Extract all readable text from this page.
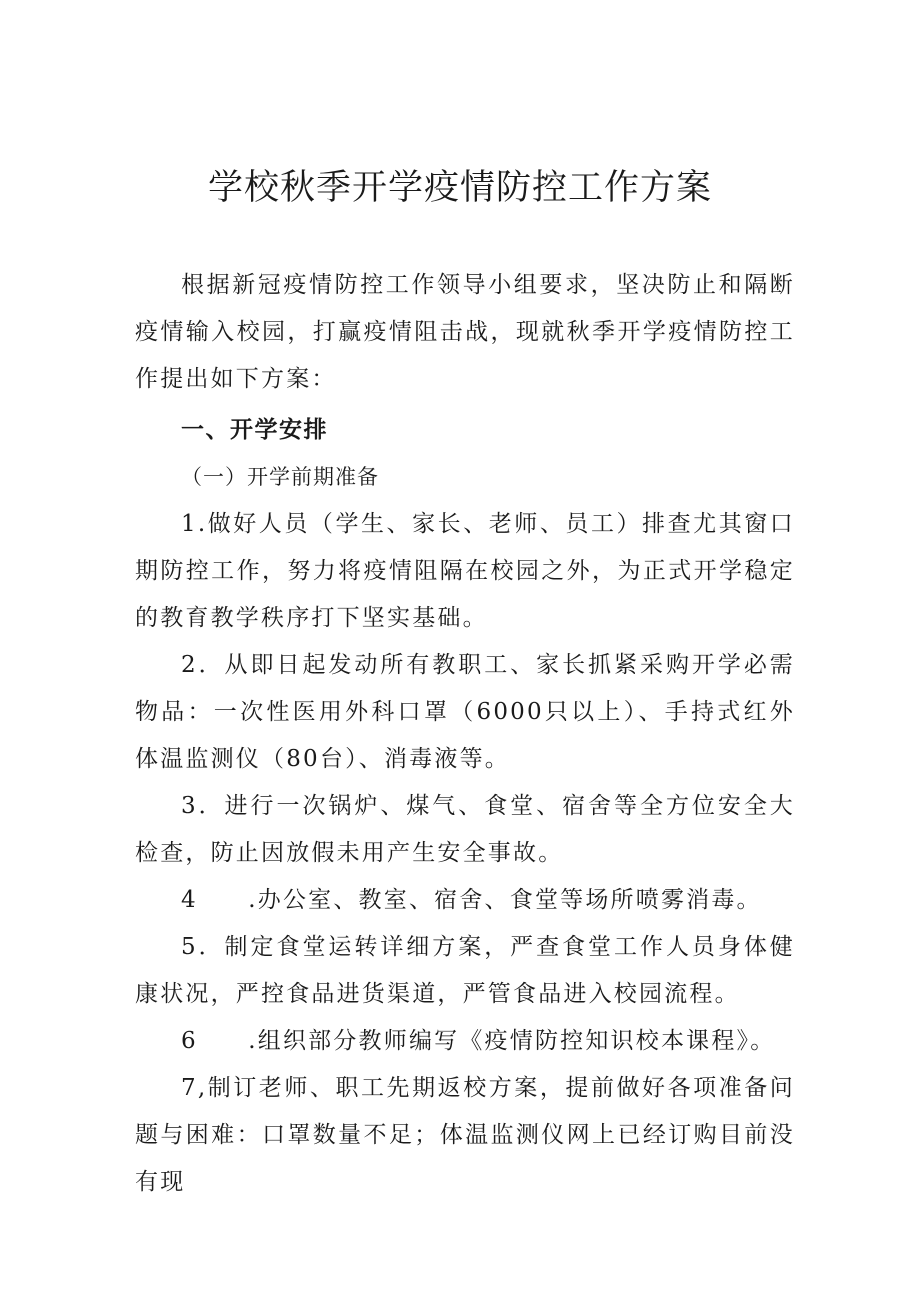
学校秋季开学疫情防控工作方案

根据新冠疫情防控工作领导小组要求，坚决防止和隔断疫情输入校园，打赢疫情阻击战，现就秋季开学疫情防控工作提出如下方案：

一、开学安排

（一）开学前期准备

1.做好人员（学生、家长、老师、员工）排查尤其窗口期防控工作，努力将疫情阻隔在校园之外，为正式开学稳定的教育教学秩序打下坚实基础。

2．从即日起发动所有教职工、家长抓紧采购开学必需物品：一次性医用外科口罩（6000只以上）、手持式红外体温监测仪（80台）、消毒液等。

3．进行一次锅炉、煤气、食堂、宿舍等全方位安全大检查，防止因放假未用产生安全事故。

4　　.办公室、教室、宿舍、食堂等场所喷雾消毒。

5．制定食堂运转详细方案，严查食堂工作人员身体健康状况，严控食品进货渠道，严管食品进入校园流程。

6　　.组织部分教师编写《疫情防控知识校本课程》。

7,制订老师、职工先期返校方案，提前做好各项准备问题与困难：口罩数量不足；体温监测仪网上已经订购目前没有现
